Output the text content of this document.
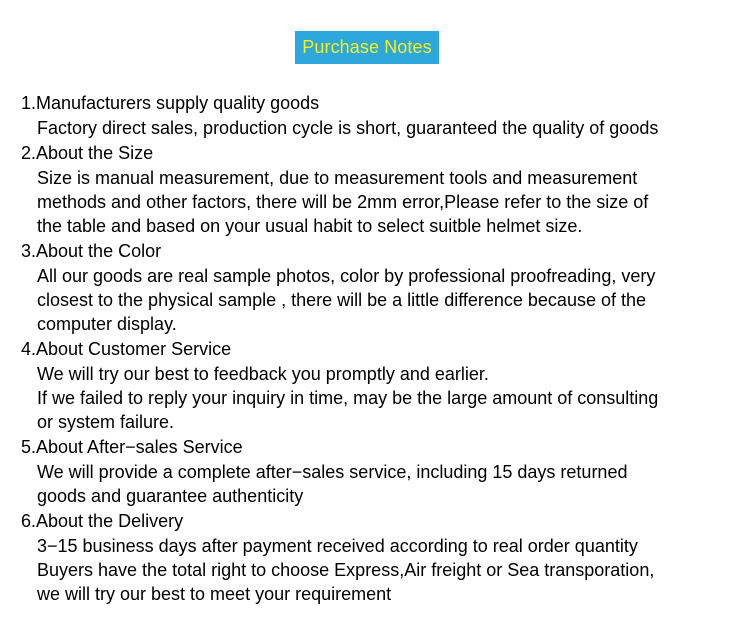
Purchase Notes
1.Manufacturers supply quality goods
Factory direct sales, production cycle is short, guaranteed the quality of goods
2.About the Size
Size is manual measurement, due to measurement tools and measurement
methods and other factors, there will be 2mm error,Please refer to the size of
the table and based on your usual habit to select suitble helmet size.
3.About the Color
All our goods are real sample photos, color by professional proofreading, very
closest to the physical sample , there will be a little difference because of the
computer display.
4.About Customer Service
We will try our best to feedback you promptly and earlier.
If we failed to reply your inquiry in time, may be the large amount of consulting
or system failure.
5.About After−sales Service
We will provide a complete after−sales service, including 15 days returned
goods and guarantee authenticity
6.About the Delivery
3−15 business days after payment received according to real order quantity
Buyers have the total right to choose Express,Air freight or Sea transporation,
we will try our best to meet your requirement
